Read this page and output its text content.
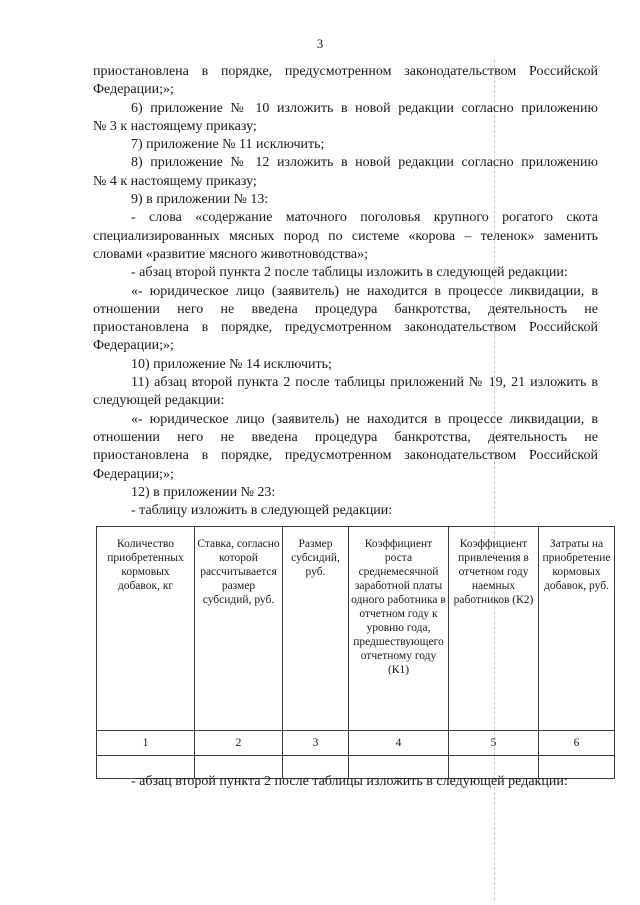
3

приостановлена в порядке, предусмотренном законодательством Российской

Федерации;»;

6) приложение № 10 изложить в новой редакции согласно приложению

№ 3 к настоящему приказу;

7) приложение № 11 исключить;

8) приложение № 12 изложить в новой редакции согласно приложению

№ 4 к настоящему приказу;

9) в приложении № 13:

- слова «содержание маточного поголовья крупного рогатого скота специализированных мясных пород по системе «корова – теленок» заменить словами «развитие мясного животноводства»;

- абзац второй пункта 2 после таблицы изложить в следующей редакции:

«- юридическое лицо (заявитель) не находится в процессе ликвидации, в отношении него не введена процедура банкротства, деятельность не приостановлена в порядке, предусмотренном законодательством Российской Федерации;»;

10) приложение № 14 исключить;

11) абзац второй пункта 2 после таблицы приложений № 19, 21 изложить в следующей редакции:

«- юридическое лицо (заявитель) не находится в процессе ликвидации, в отношении него не введена процедура банкротства, деятельность не приостановлена в порядке, предусмотренном законодательством Российской Федерации;»;

12) в приложении № 23:

- таблицу изложить в следующей редакции:

Количество приобретенных кормовых добавок, кг	Ставка, согласно которой рассчитывается размер субсидий, руб.	Размер субсидий, руб.	Коэффициент роста среднемесячной заработной платы одного работника в отчетном году к уровню года, предшествующего отчетному году (К1)	Коэффициент привлечения в отчетном году наемных работников (К2)	Затраты на приобретение кормовых добавок, руб.
1	2	3	4	5	6

- абзац второй пункта 2 после таблицы изложить в следующей редакции:
